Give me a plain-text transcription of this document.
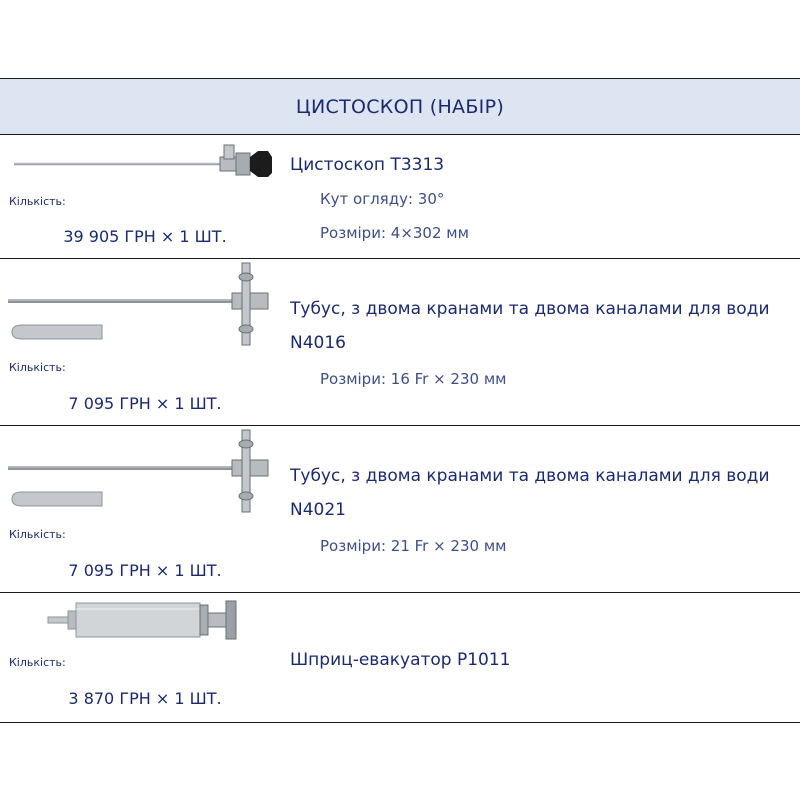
ЦИСТОСКОП (НАБІР)
Кількість:
39 905 ГРН × 1 ШТ.
Цистоскоп T3313
Кут огляду: 30°
Розміри: 4×302 мм
Кількість:
7 095 ГРН × 1 ШТ.
Тубус, з двома кранами та двома каналами для води
N4016
Розміри: 16 Fr × 230 мм
Кількість:
7 095 ГРН × 1 ШТ.
Тубус, з двома кранами та двома каналами для води
N4021
Розміри: 21 Fr × 230 мм
Кількість:
3 870 ГРН × 1 ШТ.
Шприц-евакуатор P1011
